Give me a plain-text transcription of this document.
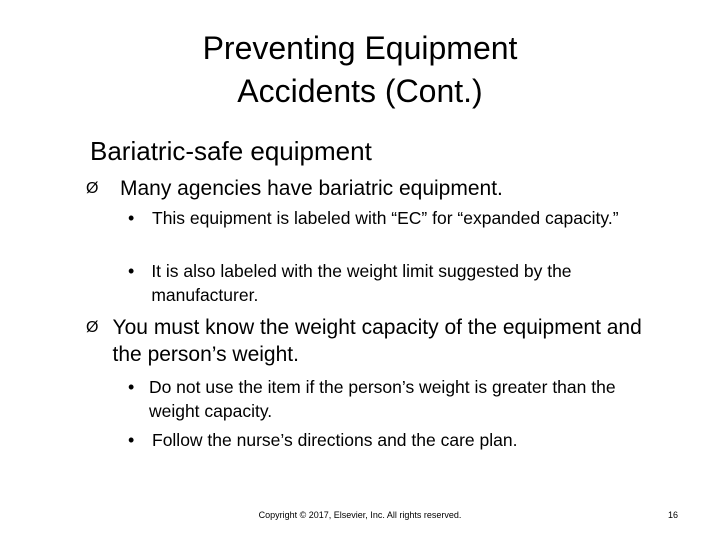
Preventing Equipment
Accidents (Cont.)
Bariatric-safe equipment
Ø	Many agencies have bariatric equipment.
•	This equipment is labeled with “EC” for “expanded capacity.”
• It is also labeled with the weight limit suggested by the manufacturer.
Ø You must know the weight capacity of the equipment and the person’s weight.
• Do not use the item if the person’s weight is greater than the weight capacity.
•	Follow the nurse’s directions and the care plan.
Copyright © 2017, Elsevier, Inc. All rights reserved.	16
